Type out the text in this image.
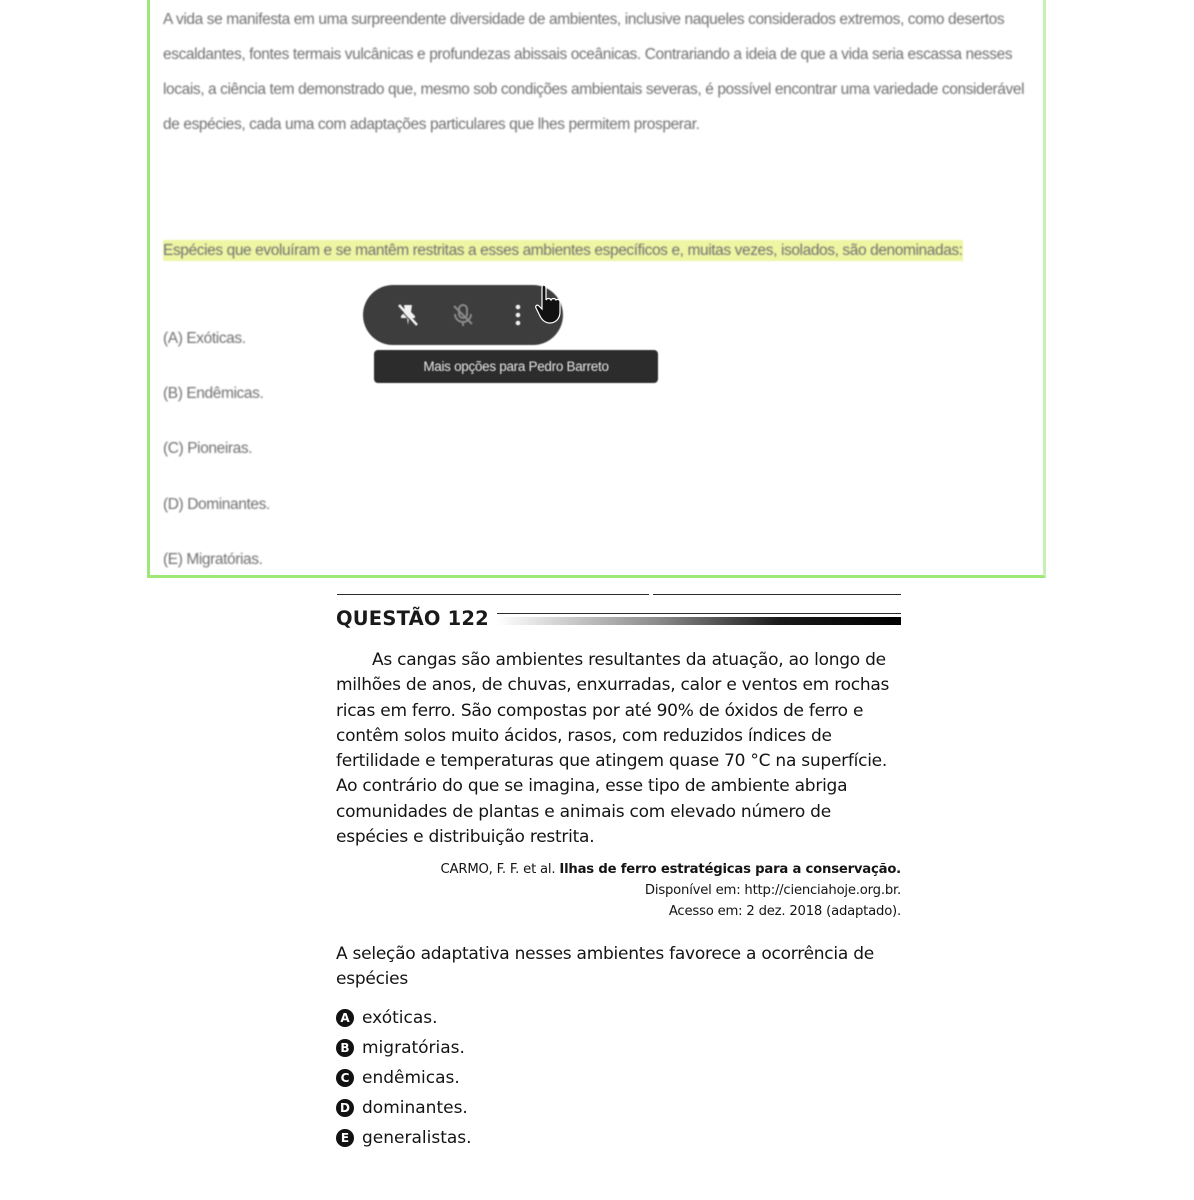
A vida se manifesta em uma surpreendente diversidade de ambientes, inclusive naqueles considerados extremos, como desertos escaldantes, fontes termais vulcânicas e profundezas abissais oceânicas. Contrariando a ideia de que a vida seria escassa nesses locais, a ciência tem demonstrado que, mesmo sob condições ambientais severas, é possível encontrar uma variedade considerável de espécies, cada uma com adaptações particulares que lhes permitem prosperar.
Espécies que evoluíram e se mantêm restritas a esses ambientes específicos e, muitas vezes, isolados, são denominadas:
(A) Exóticas.
(B) Endêmicas.
(C) Pioneiras.
(D) Dominantes.
(E) Migratórias.
Mais opções para Pedro Barreto
QUESTÃO 122
As cangas são ambientes resultantes da atuação, ao longo de milhões de anos, de chuvas, enxurradas, calor e ventos em rochas ricas em ferro. São compostas por até 90% de óxidos de ferro e contêm solos muito ácidos, rasos, com reduzidos índices de fertilidade e temperaturas que atingem quase 70 °C na superfície. Ao contrário do que se imagina, esse tipo de ambiente abriga comunidades de plantas e animais com elevado número de espécies e distribuição restrita.
CARMO, F. F. et al. Ilhas de ferro estratégicas para a conservação.
Disponível em: http://cienciahoje.org.br.
Acesso em: 2 dez. 2018 (adaptado).
A seleção adaptativa nesses ambientes favorece a ocorrência de espécies
A exóticas.
B migratórias.
C endêmicas.
D dominantes.
E generalistas.
